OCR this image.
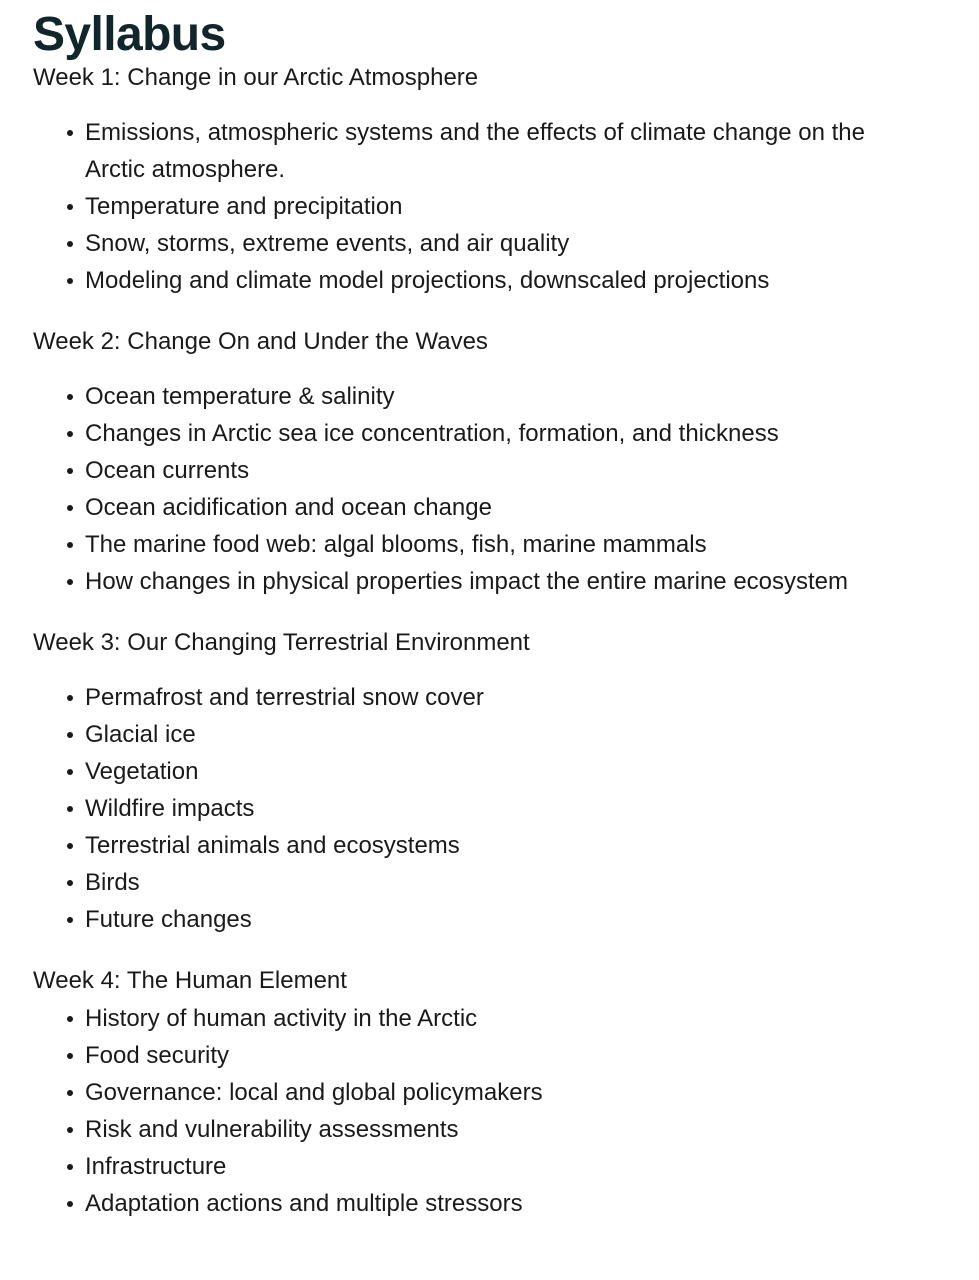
Syllabus

Week 1: Change in our Arctic Atmosphere

Emissions, atmospheric systems and the effects of climate change on the Arctic atmosphere.
Temperature and precipitation
Snow, storms, extreme events, and air quality
Modeling and climate model projections, downscaled projections

Week 2: Change On and Under the Waves

Ocean temperature & salinity
Changes in Arctic sea ice concentration, formation, and thickness
Ocean currents
Ocean acidification and ocean change
The marine food web: algal blooms, fish, marine mammals
How changes in physical properties impact the entire marine ecosystem

Week 3: Our Changing Terrestrial Environment

Permafrost and terrestrial snow cover
Glacial ice
Vegetation
Wildfire impacts
Terrestrial animals and ecosystems
Birds
Future changes

Week 4: The Human Element

History of human activity in the Arctic
Food security
Governance: local and global policymakers
Risk and vulnerability assessments
Infrastructure
Adaptation actions and multiple stressors
